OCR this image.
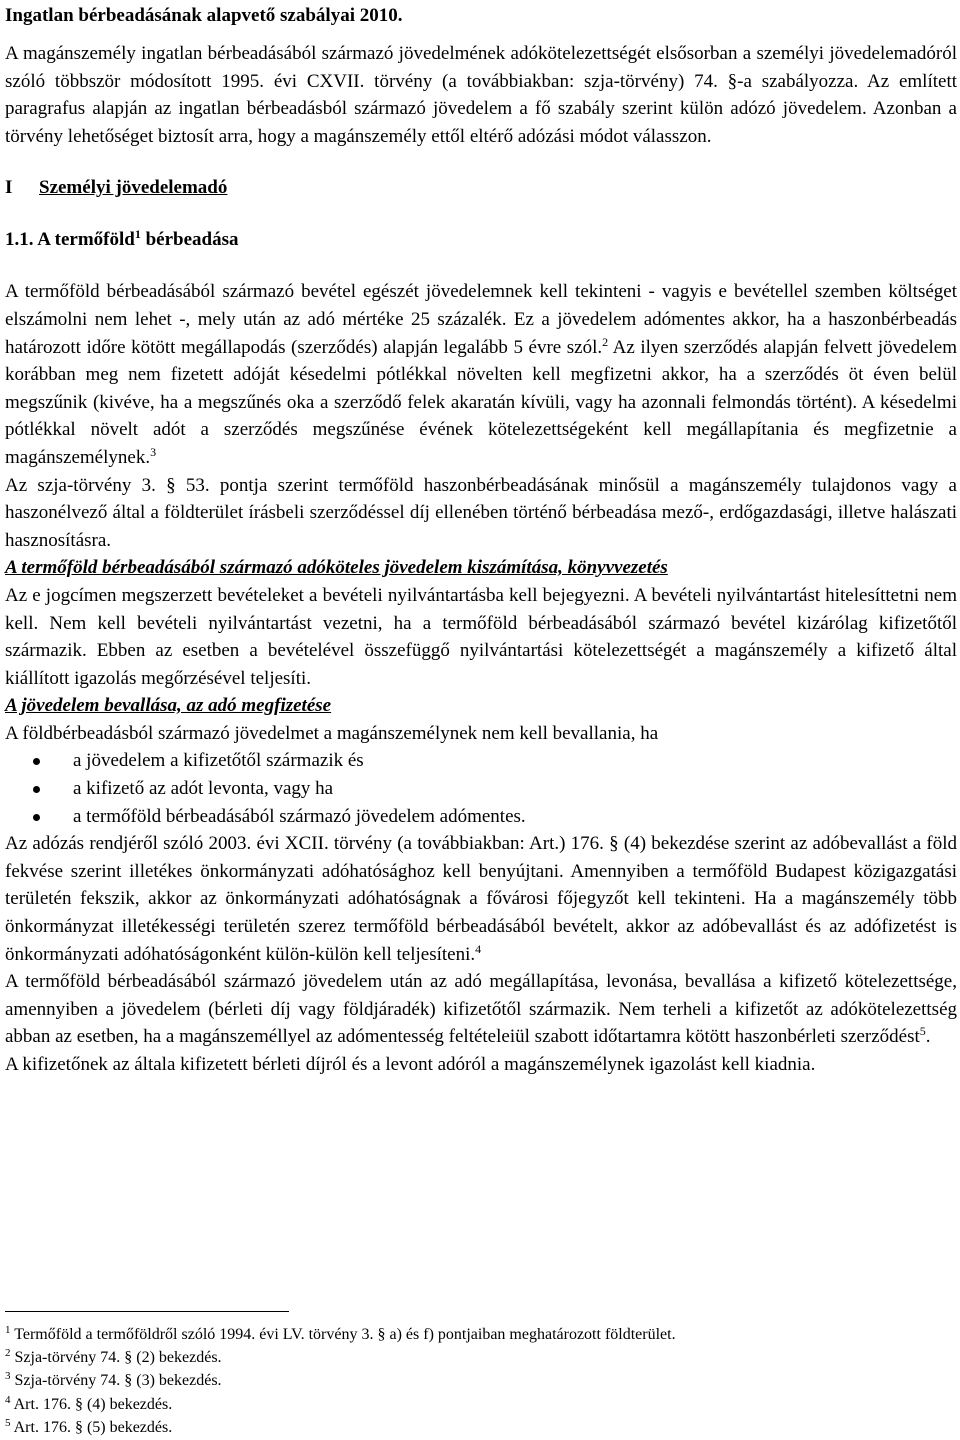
Ingatlan bérbeadásának alapvető szabályai 2010.

A magánszemély ingatlan bérbeadásából származó jövedelmének adókötelezettségét elsősorban a személyi jövedelemadóról szóló többször módosított 1995. évi CXVII. törvény (a továbbiakban: szja-törvény) 74. §-a szabályozza. Az említett paragrafus alapján az ingatlan bérbeadásból származó jövedelem a fő szabály szerint külön adózó jövedelem. Azonban a törvény lehetőséget biztosít arra, hogy a magánszemély ettől eltérő adózási módot válasszon.

I	Személyi jövedelemadó
1.1. A termőföld$^1$ bérbeadása

A termőföld bérbeadásából származó bevétel egészét jövedelemnek kell tekinteni - vagyis e bevétellel szemben költséget elszámolni nem lehet -, mely után az adó mértéke 25 százalék. Ez a jövedelem adómentes akkor, ha a haszonbérbeadás határozott időre kötött megállapodás (szerződés) alapján legalább 5 évre szól.$^2$ Az ilyen szerződés alapján felvett jövedelem korábban meg nem fizetett adóját késedelmi pótlékkal növelten kell megfizetni akkor, ha a szerződés öt éven belül megszűnik (kivéve, ha a megszűnés oka a szerződő felek akaratán kívüli, vagy ha azonnali felmondás történt). A késedelmi pótlékkal növelt adót a szerződés megszűnése évének kötelezettségeként kell megállapítania és megfizetnie a magánszemélynek.$^3$

Az szja-törvény 3. § 53. pontja szerint termőföld haszonbérbeadásának minősül a magánszemély tulajdonos vagy a haszonélvező által a földterület írásbeli szerződéssel díj ellenében történő bérbeadása mező-, erdőgazdasági, illetve halászati hasznosításra.

A termőföld bérbeadásából származó adóköteles jövedelem kiszámítása, könyvvezetés

Az e jogcímen megszerzett bevételeket a bevételi nyilvántartásba kell bejegyezni. A bevételi nyilvántartást hitelesíttetni nem kell. Nem kell bevételi nyilvántartást vezetni, ha a termőföld bérbeadásából származó bevétel kizárólag kifizetőtől származik. Ebben az esetben a bevételével összefüggő nyilvántartási kötelezettségét a magánszemély a kifizető által kiállított igazolás megőrzésével teljesíti.

A jövedelem bevallása, az adó megfizetése

A földbérbeadásból származó jövedelmet a magánszemélynek nem kell bevallania, ha

a jövedelem a kifizetőtől származik és
a kifizető az adót levonta, vagy ha
a termőföld bérbeadásából származó jövedelem adómentes.

Az adózás rendjéről szóló 2003. évi XCII. törvény (a továbbiakban: Art.) 176. § (4) bekezdése szerint az adóbevallást a föld fekvése szerint illetékes önkormányzati adóhatósághoz kell benyújtani. Amennyiben a termőföld Budapest közigazgatási területén fekszik, akkor az önkormányzati adóhatóságnak a fővárosi főjegyzőt kell tekinteni. Ha a magánszemély több önkormányzat illetékességi területén szerez termőföld bérbeadásából bevételt, akkor az adóbevallást és az adófizetést is önkormányzati adóhatóságonként külön-külön kell teljesíteni.$^4$

A termőföld bérbeadásából származó jövedelem után az adó megállapítása, levonása, bevallása a kifizető kötelezettsége, amennyiben a jövedelem (bérleti díj vagy földjáradék) kifizetőtől származik. Nem terheli a kifizetőt az adókötelezettség abban az esetben, ha a magánszeméllyel az adómentesség feltételeiül szabott időtartamra kötött haszonbérleti szerződést$^5$.

A kifizetőnek az általa kifizetett bérleti díjról és a levont adóról a magánszemélynek igazolást kell kiadnia.

$^1$ Termőföld a termőföldről szóló 1994. évi LV. törvény 3. § a) és f) pontjaiban meghatározott földterület.
$^2$ Szja-törvény 74. § (2) bekezdés.
$^3$ Szja-törvény 74. § (3) bekezdés.
$^4$ Art. 176. § (4) bekezdés.
$^5$ Art. 176. § (5) bekezdés.
